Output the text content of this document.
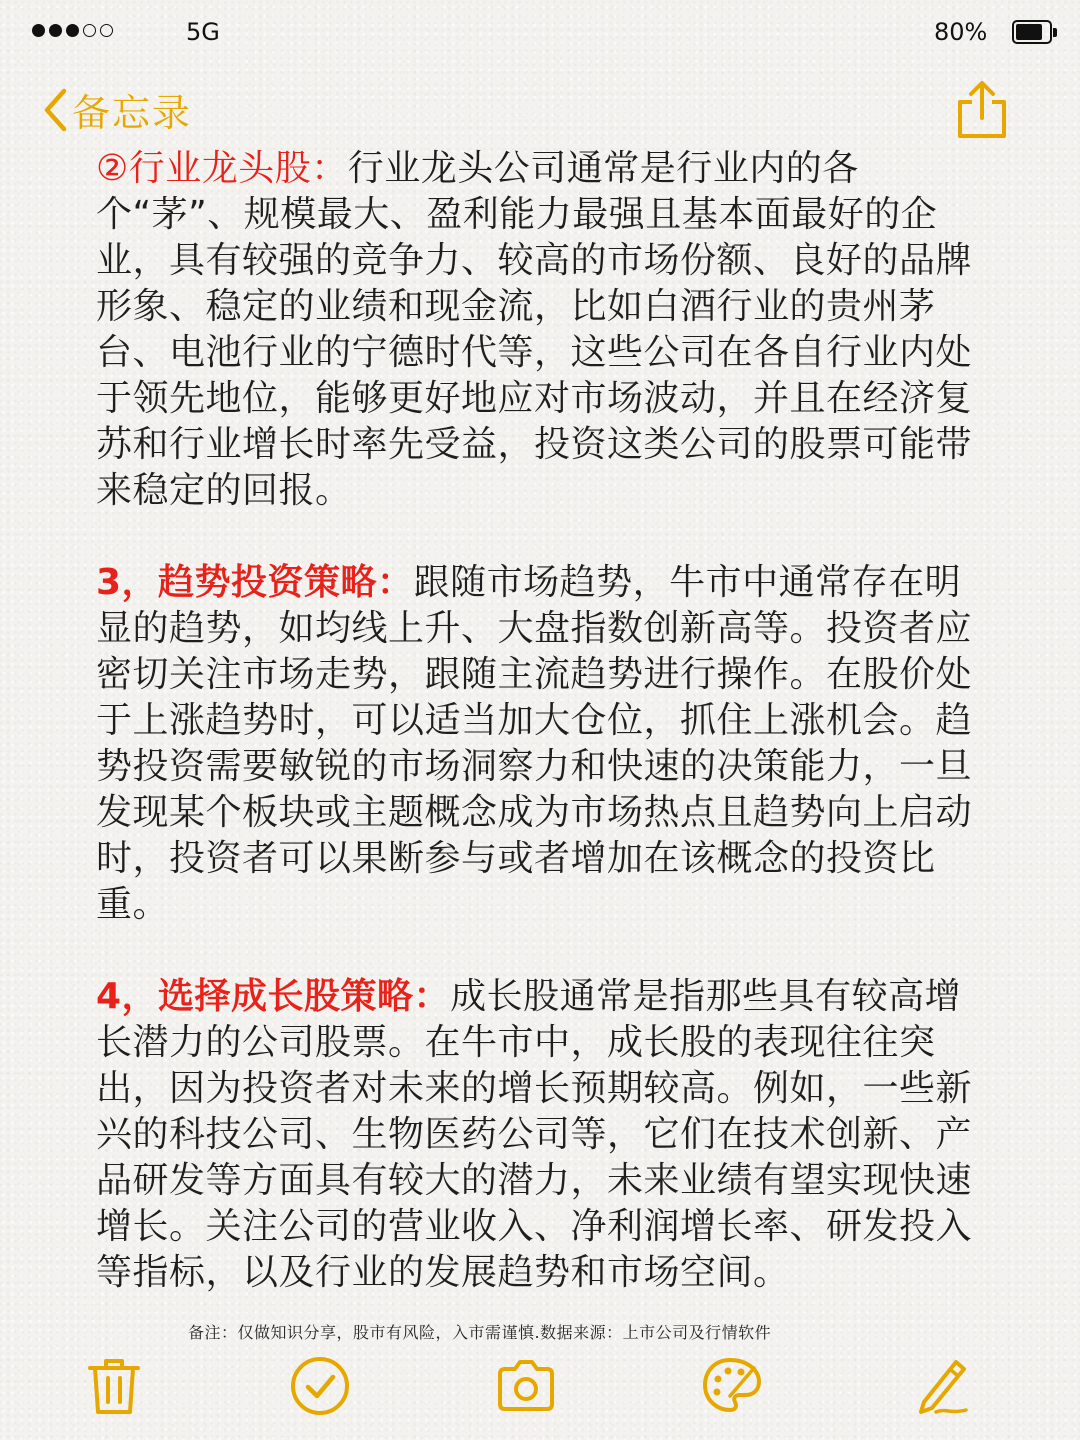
5G	80%
备忘录

②行业龙头股：行业龙头公司通常是行业内的各个“茅”、规模最大、盈利能力最强且基本面最好的企业，具有较强的竞争力、较高的市场份额、良好的品牌形象、稳定的业绩和现金流，比如白酒行业的贵州茅台、电池行业的宁德时代等，这些公司在各自行业内处于领先地位，能够更好地应对市场波动，并且在经济复苏和行业增长时率先受益，投资这类公司的股票可能带来稳定的回报。

3，趋势投资策略：跟随市场趋势，牛市中通常存在明显的趋势，如均线上升、大盘指数创新高等。投资者应密切关注市场走势，跟随主流趋势进行操作。在股价处于上涨趋势时，可以适当加大仓位，抓住上涨机会。趋势投资需要敏锐的市场洞察力和快速的决策能力，一旦发现某个板块或主题概念成为市场热点且趋势向上启动时，投资者可以果断参与或者增加在该概念的投资比重。

4，选择成长股策略：成长股通常是指那些具有较高增长潜力的公司股票。在牛市中，成长股的表现往往突出，因为投资者对未来的增长预期较高。例如，一些新兴的科技公司、生物医药公司等，它们在技术创新、产品研发等方面具有较大的潜力，未来业绩有望实现快速增长。关注公司的营业收入、净利润增长率、研发投入等指标，以及行业的发展趋势和市场空间。

备注：仅做知识分享，股市有风险，入市需谨慎.数据来源：上市公司及行情软件
